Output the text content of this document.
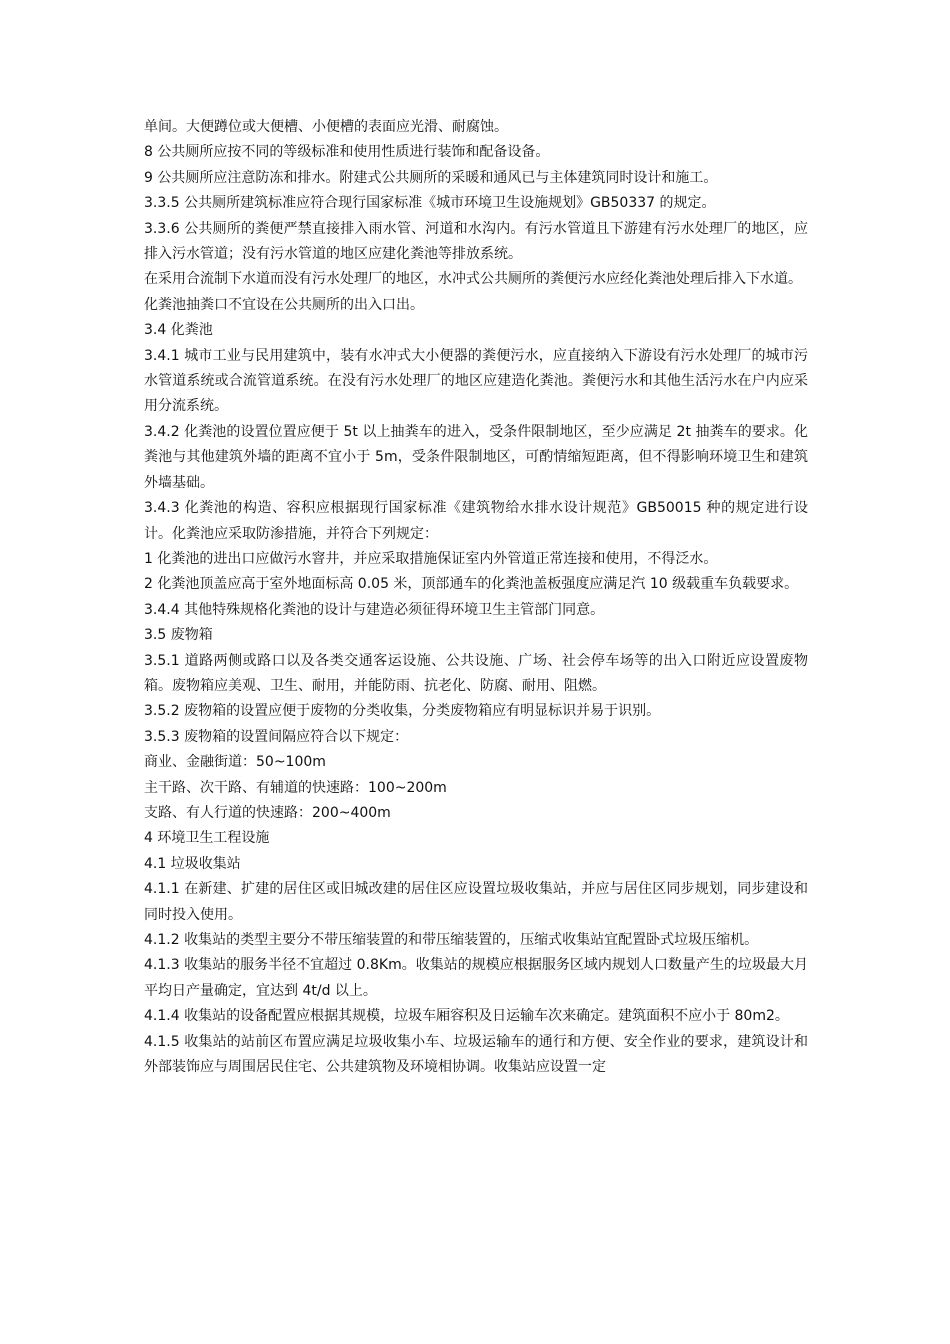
单间。大便蹲位或大便槽、小便槽的表面应光滑、耐腐蚀。

8 公共厕所应按不同的等级标准和使用性质进行装饰和配备设备。

9 公共厕所应注意防冻和排水。附建式公共厕所的采暖和通风已与主体建筑同时设计和施工。

3.3.5 公共厕所建筑标准应符合现行国家标准《城市环境卫生设施规划》GB50337 的规定。

3.3.6 公共厕所的粪便严禁直接排入雨水管、河道和水沟内。有污水管道且下游建有污水处理厂的地区，应排入污水管道；没有污水管道的地区应建化粪池等排放系统。

在采用合流制下水道而没有污水处理厂的地区，水冲式公共厕所的粪便污水应经化粪池处理后排入下水道。

化粪池抽粪口不宜设在公共厕所的出入口出。

3.4 化粪池

3.4.1 城市工业与民用建筑中，装有水冲式大小便器的粪便污水，应直接纳入下游设有污水处理厂的城市污水管道系统或合流管道系统。在没有污水处理厂的地区应建造化粪池。粪便污水和其他生活污水在户内应采用分流系统。

3.4.2 化粪池的设置位置应便于 5t 以上抽粪车的进入，受条件限制地区，至少应满足 2t 抽粪车的要求。化粪池与其他建筑外墙的距离不宜小于 5m，受条件限制地区，可酌情缩短距离，但不得影响环境卫生和建筑外墙基础。

3.4.3 化粪池的构造、容积应根据现行国家标准《建筑物给水排水设计规范》GB50015 种的规定进行设计。化粪池应采取防渗措施，并符合下列规定：

1 化粪池的进出口应做污水窨井，并应采取措施保证室内外管道正常连接和使用，不得泛水。

2 化粪池顶盖应高于室外地面标高 0.05 米，顶部通车的化粪池盖板强度应满足汽 10 级载重车负载要求。

3.4.4 其他特殊规格化粪池的设计与建造必须征得环境卫生主管部门同意。

3.5 废物箱

3.5.1 道路两侧或路口以及各类交通客运设施、公共设施、广场、社会停车场等的出入口附近应设置废物箱。废物箱应美观、卫生、耐用，并能防雨、抗老化、防腐、耐用、阻燃。

3.5.2 废物箱的设置应便于废物的分类收集，分类废物箱应有明显标识并易于识别。

3.5.3 废物箱的设置间隔应符合以下规定：

商业、金融街道：50~100m

主干路、次干路、有辅道的快速路：100~200m

支路、有人行道的快速路：200~400m

4 环境卫生工程设施

4.1 垃圾收集站

4.1.1 在新建、扩建的居住区或旧城改建的居住区应设置垃圾收集站，并应与居住区同步规划，同步建设和同时投入使用。

4.1.2 收集站的类型主要分不带压缩装置的和带压缩装置的，压缩式收集站宜配置卧式垃圾压缩机。

4.1.3 收集站的服务半径不宜超过 0.8Km。收集站的规模应根据服务区域内规划人口数量产生的垃圾最大月平均日产量确定，宜达到 4t/d 以上。

4.1.4 收集站的设备配置应根据其规模，垃圾车厢容积及日运输车次来确定。建筑面积不应小于 80m2。

4.1.5 收集站的站前区布置应满足垃圾收集小车、垃圾运输车的通行和方便、安全作业的要求，建筑设计和外部装饰应与周围居民住宅、公共建筑物及环境相协调。收集站应设置一定
